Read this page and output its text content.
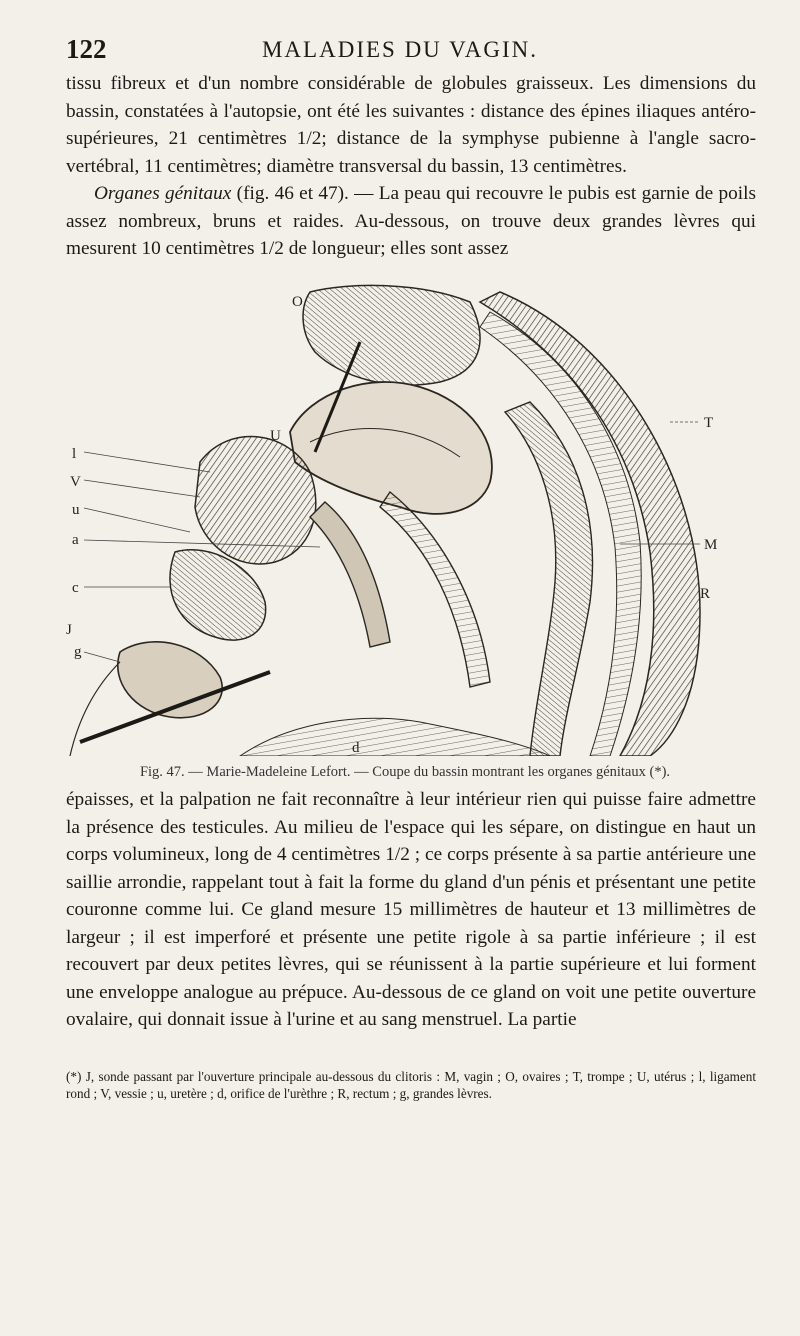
122	MALADIES DU VAGIN.

tissu fibreux et d'un nombre considérable de globules graisseux. Les dimensions du bassin, constatées à l'autopsie, ont été les suivantes : distance des épines iliaques antéro-supérieures, 21 centimètres 1/2; distance de la symphyse pubienne à l'angle sacro-vertébral, 11 centimètres; diamètre transversal du bassin, 13 centimètres.
Organes génitaux (fig. 46 et 47). — La peau qui recouvre le pubis est garnie de poils assez nombreux, bruns et raides. Au-dessous, on trouve deux grandes lèvres qui mesurent 10 centimètres 1/2 de longueur; elles sont assez

O
U
l
V
u
a
c
J
g
d
T
M
R

Fig. 47. — Marie-Madeleine Lefort. — Coupe du bassin montrant les organes génitaux (*).

épaisses, et la palpation ne fait reconnaître à leur intérieur rien qui puisse faire admettre la présence des testicules. Au milieu de l'espace qui les sépare, on distingue en haut un corps volumineux, long de 4 centimètres 1/2 ; ce corps présente à sa partie antérieure une saillie arrondie, rappelant tout à fait la forme du gland d'un pénis et présentant une petite couronne comme lui. Ce gland mesure 15 millimètres de hauteur et 13 millimètres de largeur ; il est imperforé et présente une petite rigole à sa partie inférieure ; il est recouvert par deux petites lèvres, qui se réunissent à la partie supérieure et lui forment une enveloppe analogue au prépuce. Au-dessous de ce gland on voit une petite ouverture ovalaire, qui donnait issue à l'urine et au sang menstruel. La partie

(*) J, sonde passant par l'ouverture principale au-dessous du clitoris : M, vagin ; O, ovaires ; T, trompe ; U, utérus ; l, ligament rond ; V, vessie ; u, uretère ; d, orifice de l'urèthre ; R, rectum ; g, grandes lèvres.
